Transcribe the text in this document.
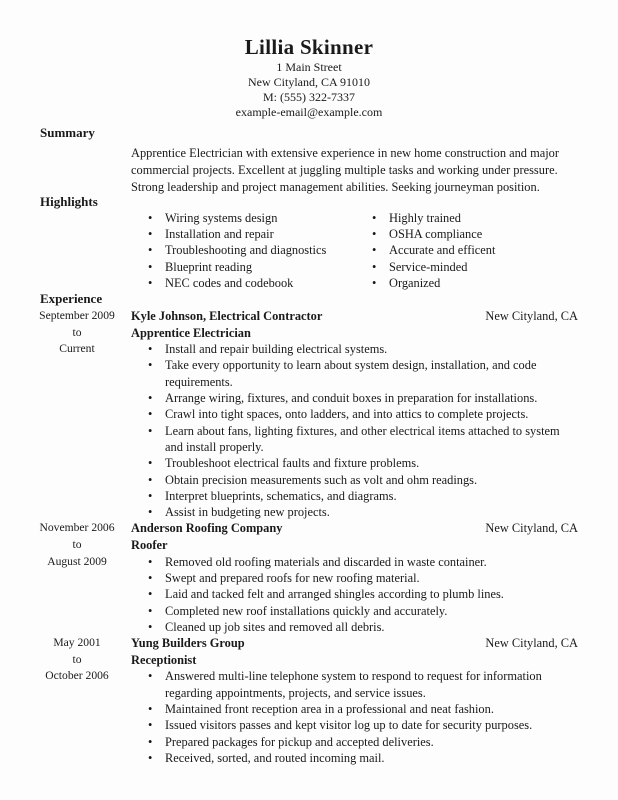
Lillia Skinner
1 Main Street
New Cityland, CA 91010
M: (555) 322-7337
example-email@example.com
Summary
Apprentice Electrician with extensive experience in new home construction and major
commercial projects. Excellent at juggling multiple tasks and working under pressure.
Strong leadership and project management abilities. Seeking journeyman position.
Highlights
• Wiring systems design
• Installation and repair
• Troubleshooting and diagnostics
• Blueprint reading
• NEC codes and codebook
• Highly trained
• OSHA compliance
• Accurate and efficent
• Service-minded
• Organized
Experience
September 2009
to
Current
Kyle Johnson, Electrical Contractor	New Cityland, CA
Apprentice Electrician
• Install and repair building electrical systems.
• Take every opportunity to learn about system design, installation, and code requirements.
• Arrange wiring, fixtures, and conduit boxes in preparation for installations.
• Crawl into tight spaces, onto ladders, and into attics to complete projects.
• Learn about fans, lighting fixtures, and other electrical items attached to system and install properly.
• Troubleshoot electrical faults and fixture problems.
• Obtain precision measurements such as volt and ohm readings.
• Interpret blueprints, schematics, and diagrams.
• Assist in budgeting new projects.
November 2006
to
August 2009
Anderson Roofing Company	New Cityland, CA
Roofer
• Removed old roofing materials and discarded in waste container.
• Swept and prepared roofs for new roofing material.
• Laid and tacked felt and arranged shingles according to plumb lines.
• Completed new roof installations quickly and accurately.
• Cleaned up job sites and removed all debris.
May 2001
to
October 2006
Yung Builders Group	New Cityland, CA
Receptionist
• Answered multi-line telephone system to respond to request for information regarding appointments, projects, and service issues.
• Maintained front reception area in a professional and neat fashion.
• Issued visitors passes and kept visitor log up to date for security purposes.
• Prepared packages for pickup and accepted deliveries.
• Received, sorted, and routed incoming mail.
